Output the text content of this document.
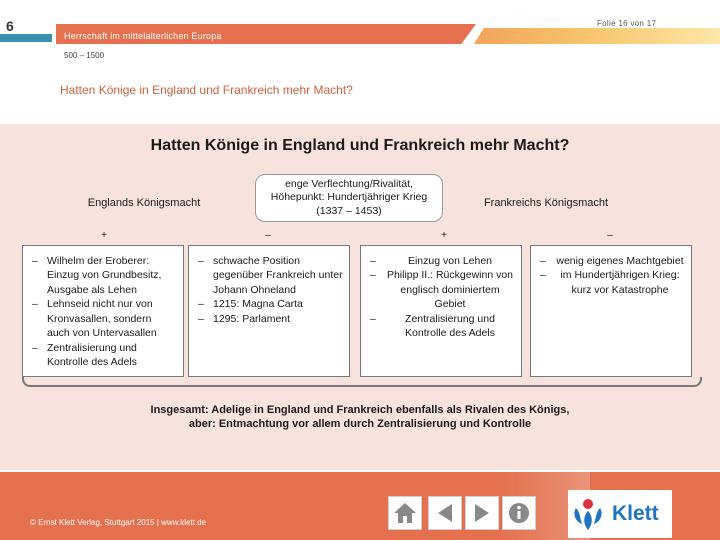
6	Folie 16 von 17
Herrschaft im mittelalterlichen Europa
500 – 1500
Hatten Könige in England und Frankreich mehr Macht?
Hatten Könige in England und Frankreich mehr Macht?
Englands Königsmacht
enge Verflechtung/Rivalität, Höhepunkt: Hundertjähriger Krieg (1337 – 1453)
Frankreichs Königsmacht
+	–	+	–
– Wilhelm der Eroberer: Einzug von Grundbesitz, Ausgabe als Lehen
– Lehnseid nicht nur von Kronvasallen, sondern auch von Untervasallen
– Zentralisierung und Kontrolle des Adels
– schwache Position gegenüber Frankreich unter Johann Ohneland
– 1215: Magna Carta
– 1295: Parlament
– Einzug von Lehen
– Philipp II.: Rückgewinn von englisch dominiertem Gebiet
– Zentralisierung und Kontrolle des Adels
– wenig eigenes Machtgebiet
– im Hundertjährigen Krieg: kurz vor Katastrophe
Insgesamt: Adelige in England und Frankreich ebenfalls als Rivalen des Königs,
aber: Entmachtung vor allem durch Zentralisierung und Kontrolle
© Ernst Klett Verlag, Stuttgart 2015 | www.klett.de	Klett
